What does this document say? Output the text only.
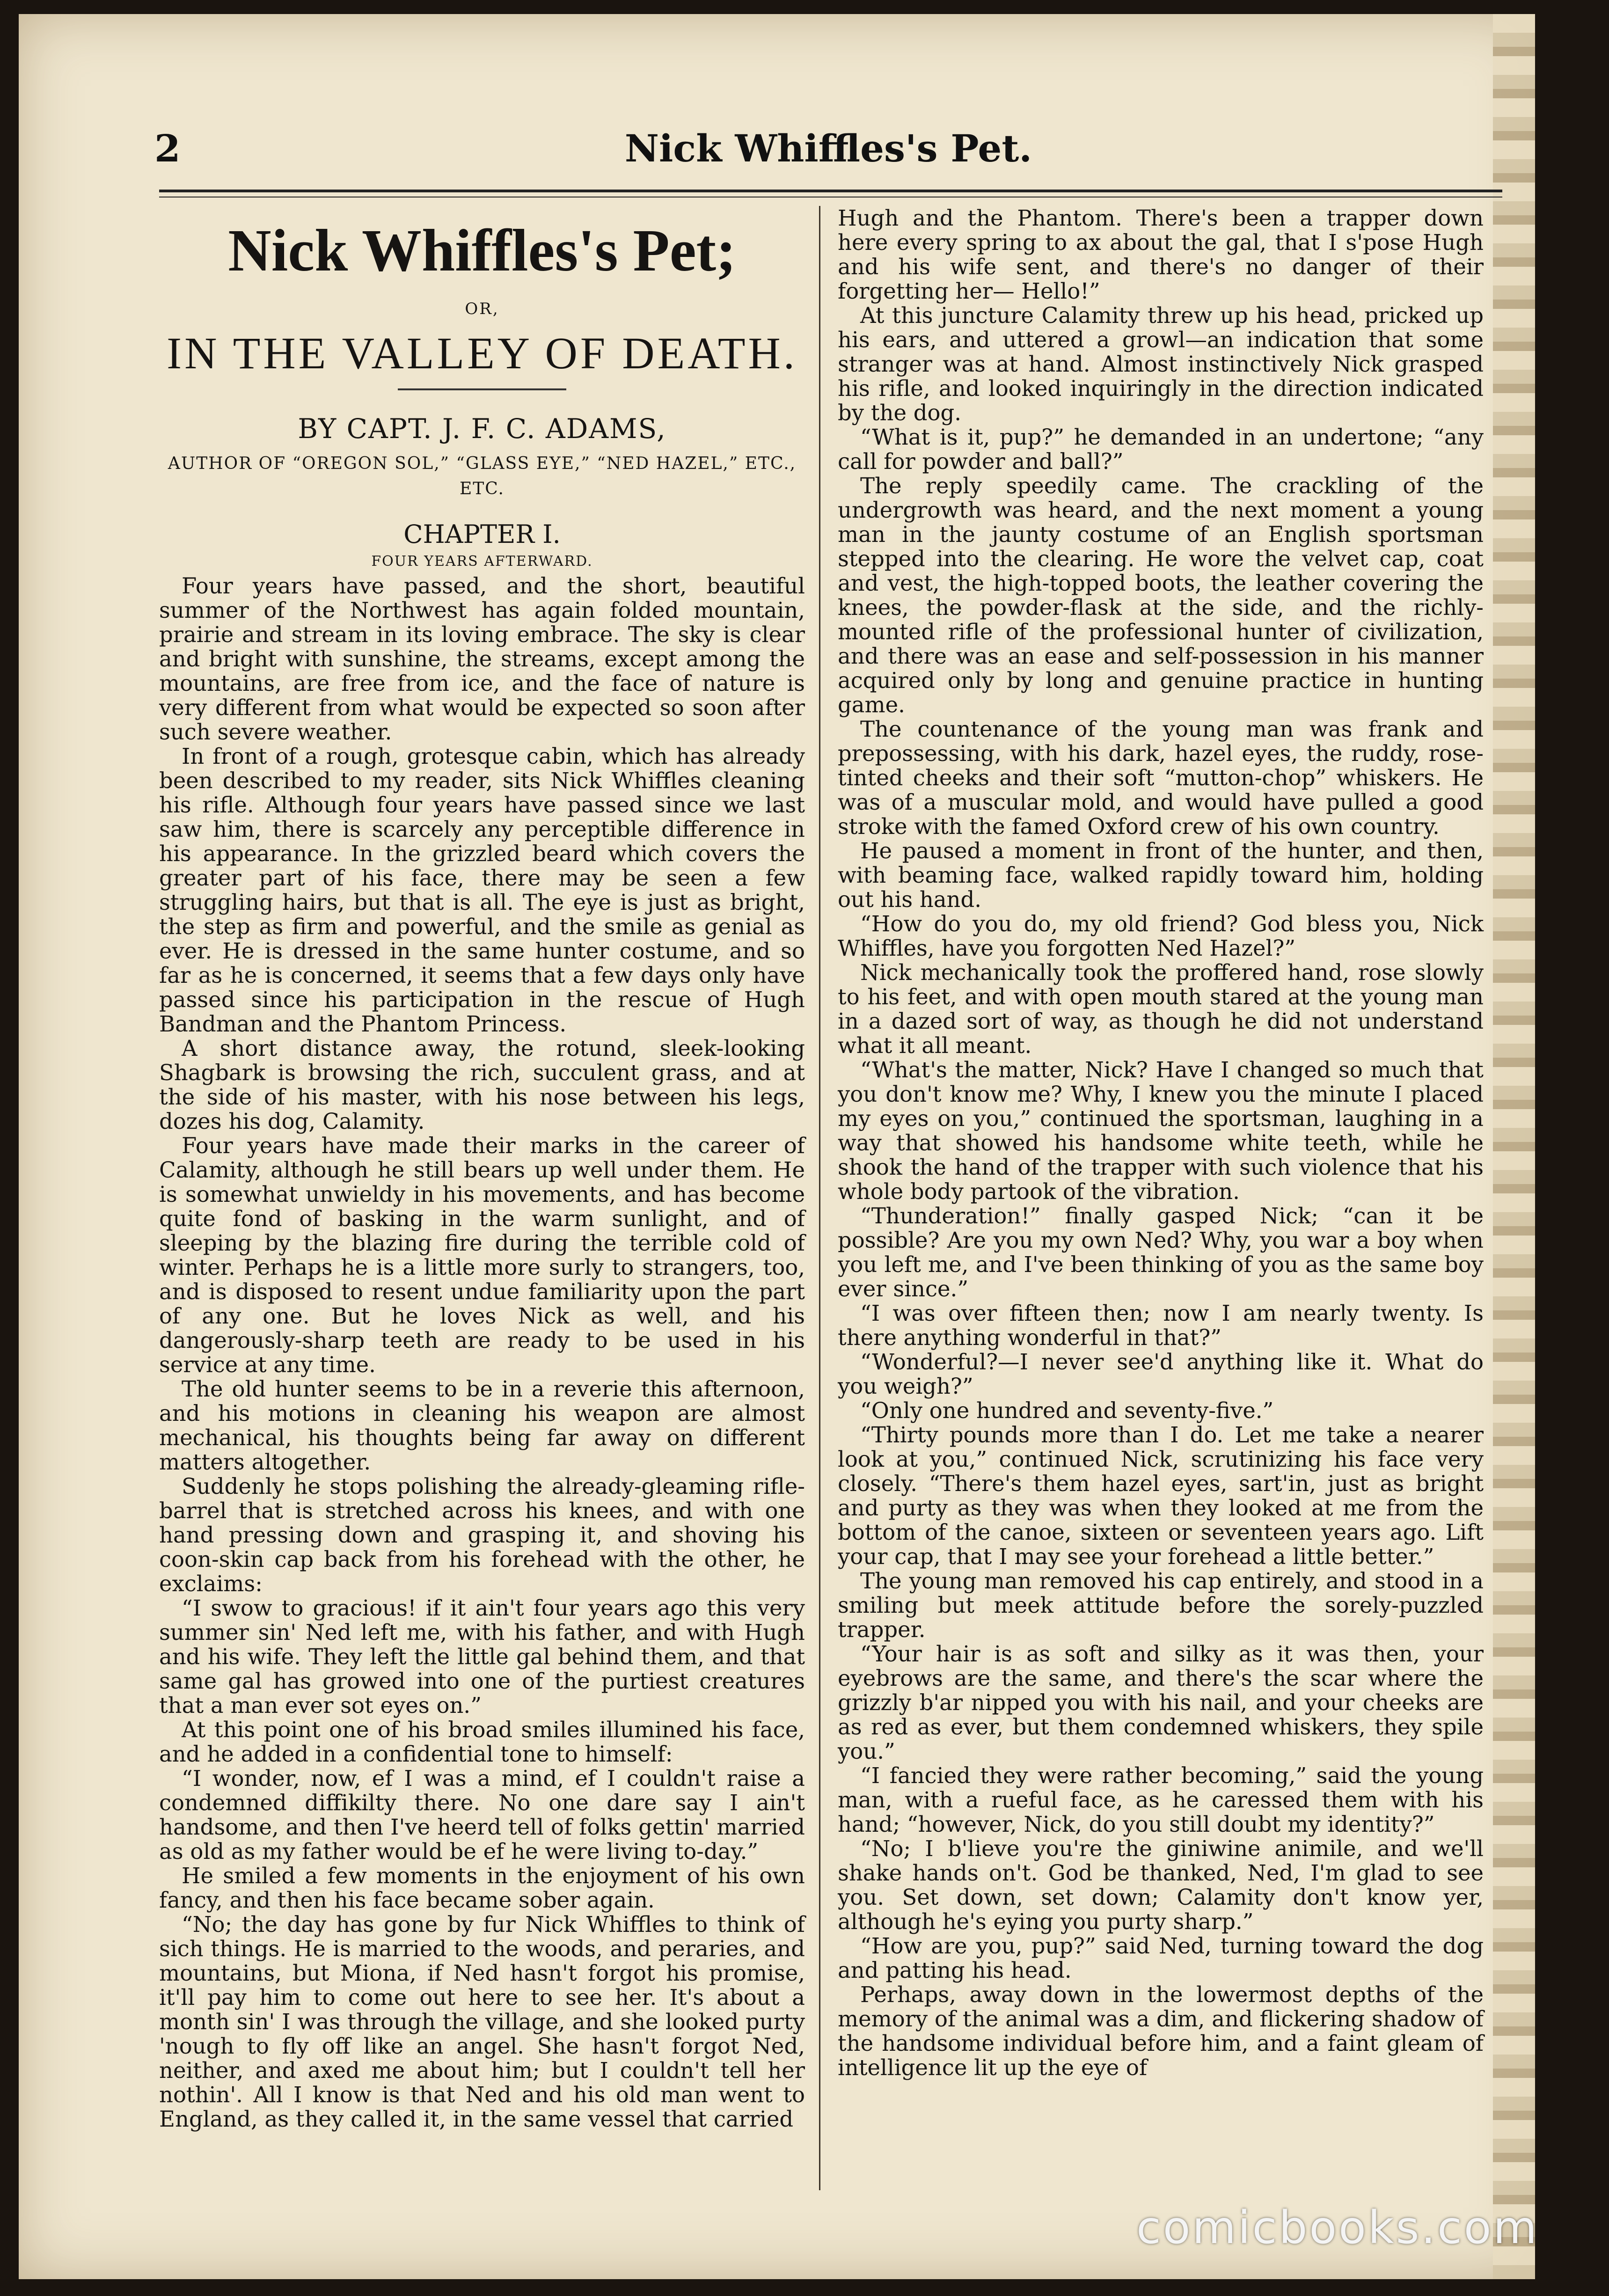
2	Nick Whiffles's Pet.
Nick Whiffles's Pet;
OR,
IN THE VALLEY OF DEATH.
BY CAPT. J. F. C. ADAMS,
AUTHOR OF “OREGON SOL,” “GLASS EYE,” “NED HAZEL,” ETC., ETC.
CHAPTER I.
FOUR YEARS AFTERWARD.

Four years have passed, and the short, beautiful summer of the Northwest has again folded mountain, prairie and stream in its loving embrace. The sky is clear and bright with sunshine, the streams, except among the mountains, are free from ice, and the face of nature is very different from what would be expected so soon after such severe weather.

In front of a rough, grotesque cabin, which has already been described to my reader, sits Nick Whiffles cleaning his rifle. Although four years have passed since we last saw him, there is scarcely any perceptible difference in his appearance. In the grizzled beard which covers the greater part of his face, there may be seen a few struggling hairs, but that is all. The eye is just as bright, the step as firm and powerful, and the smile as genial as ever. He is dressed in the same hunter costume, and so far as he is concerned, it seems that a few days only have passed since his participation in the rescue of Hugh Bandman and the Phantom Princess.

A short distance away, the rotund, sleek-looking Shagbark is browsing the rich, succulent grass, and at the side of his master, with his nose between his legs, dozes his dog, Calamity.

Four years have made their marks in the career of Calamity, although he still bears up well under them. He is somewhat unwieldy in his movements, and has become quite fond of basking in the warm sunlight, and of sleeping by the blazing fire during the terrible cold of winter. Perhaps he is a little more surly to strangers, too, and is disposed to resent undue familiarity upon the part of any one. But he loves Nick as well, and his dangerously-sharp teeth are ready to be used in his service at any time.

The old hunter seems to be in a reverie this afternoon, and his motions in cleaning his weapon are almost mechanical, his thoughts being far away on different matters altogether.

Suddenly he stops polishing the already-gleaming rifle-barrel that is stretched across his knees, and with one hand pressing down and grasping it, and shoving his coon-skin cap back from his forehead with the other, he exclaims:

“I swow to gracious! if it ain't four years ago this very summer sin' Ned left me, with his father, and with Hugh and his wife. They left the little gal behind them, and that same gal has growed into one of the purtiest creatures that a man ever sot eyes on.”

At this point one of his broad smiles illumined his face, and he added in a confidential tone to himself:

“I wonder, now, ef I was a mind, ef I couldn't raise a condemned diffikilty there. No one dare say I ain't handsome, and then I've heerd tell of folks gettin' married as old as my father would be ef he were living to-day.”

He smiled a few moments in the enjoyment of his own fancy, and then his face became sober again.

“No; the day has gone by fur Nick Whiffles to think of sich things. He is married to the woods, and peraries, and mountains, but Miona, if Ned hasn't forgot his promise, it'll pay him to come out here to see her. It's about a month sin' I was through the village, and she looked purty 'nough to fly off like an angel. She hasn't forgot Ned, neither, and axed me about him; but I couldn't tell her nothin'. All I know is that Ned and his old man went to England, as they called it, in the same vessel that carried

Hugh and the Phantom. There's been a trapper down here every spring to ax about the gal, that I s'pose Hugh and his wife sent, and there's no danger of their forgetting her— Hello!”

At this juncture Calamity threw up his head, pricked up his ears, and uttered a growl—an indication that some stranger was at hand. Almost instinctively Nick grasped his rifle, and looked inquiringly in the direction indicated by the dog.

“What is it, pup?” he demanded in an undertone; “any call for powder and ball?”

The reply speedily came. The crackling of the undergrowth was heard, and the next moment a young man in the jaunty costume of an English sportsman stepped into the clearing. He wore the velvet cap, coat and vest, the high-topped boots, the leather covering the knees, the powder-flask at the side, and the richly-mounted rifle of the professional hunter of civilization, and there was an ease and self-possession in his manner acquired only by long and genuine practice in hunting game.

The countenance of the young man was frank and prepossessing, with his dark, hazel eyes, the ruddy, rose-tinted cheeks and their soft “mutton-chop” whiskers. He was of a muscular mold, and would have pulled a good stroke with the famed Oxford crew of his own country.

He paused a moment in front of the hunter, and then, with beaming face, walked rapidly toward him, holding out his hand.

“How do you do, my old friend? God bless you, Nick Whiffles, have you forgotten Ned Hazel?”

Nick mechanically took the proffered hand, rose slowly to his feet, and with open mouth stared at the young man in a dazed sort of way, as though he did not understand what it all meant.

“What's the matter, Nick? Have I changed so much that you don't know me? Why, I knew you the minute I placed my eyes on you,” continued the sportsman, laughing in a way that showed his handsome white teeth, while he shook the hand of the trapper with such violence that his whole body partook of the vibration.

“Thunderation!” finally gasped Nick; “can it be possible? Are you my own Ned? Why, you war a boy when you left me, and I've been thinking of you as the same boy ever since.”

“I was over fifteen then; now I am nearly twenty. Is there anything wonderful in that?”

“Wonderful?—I never see'd anything like it. What do you weigh?”

“Only one hundred and seventy-five.”

“Thirty pounds more than I do. Let me take a nearer look at you,” continued Nick, scrutinizing his face very closely. “There's them hazel eyes, sart'in, just as bright and purty as they was when they looked at me from the bottom of the canoe, sixteen or seventeen years ago. Lift your cap, that I may see your forehead a little better.”

The young man removed his cap entirely, and stood in a smiling but meek attitude before the sorely-puzzled trapper.

“Your hair is as soft and silky as it was then, your eyebrows are the same, and there's the scar where the grizzly b'ar nipped you with his nail, and your cheeks are as red as ever, but them condemned whiskers, they spile you.”

“I fancied they were rather becoming,” said the young man, with a rueful face, as he caressed them with his hand; “however, Nick, do you still doubt my identity?”

“No; I b'lieve you're the giniwine animile, and we'll shake hands on't. God be thanked, Ned, I'm glad to see you. Set down, set down; Calamity don't know yer, although he's eying you purty sharp.”

“How are you, pup?” said Ned, turning toward the dog and patting his head.

Perhaps, away down in the lowermost depths of the memory of the animal was a dim, and flickering shadow of the handsome individual before him, and a faint gleam of intelligence lit up the eye of

comicbooks.com
